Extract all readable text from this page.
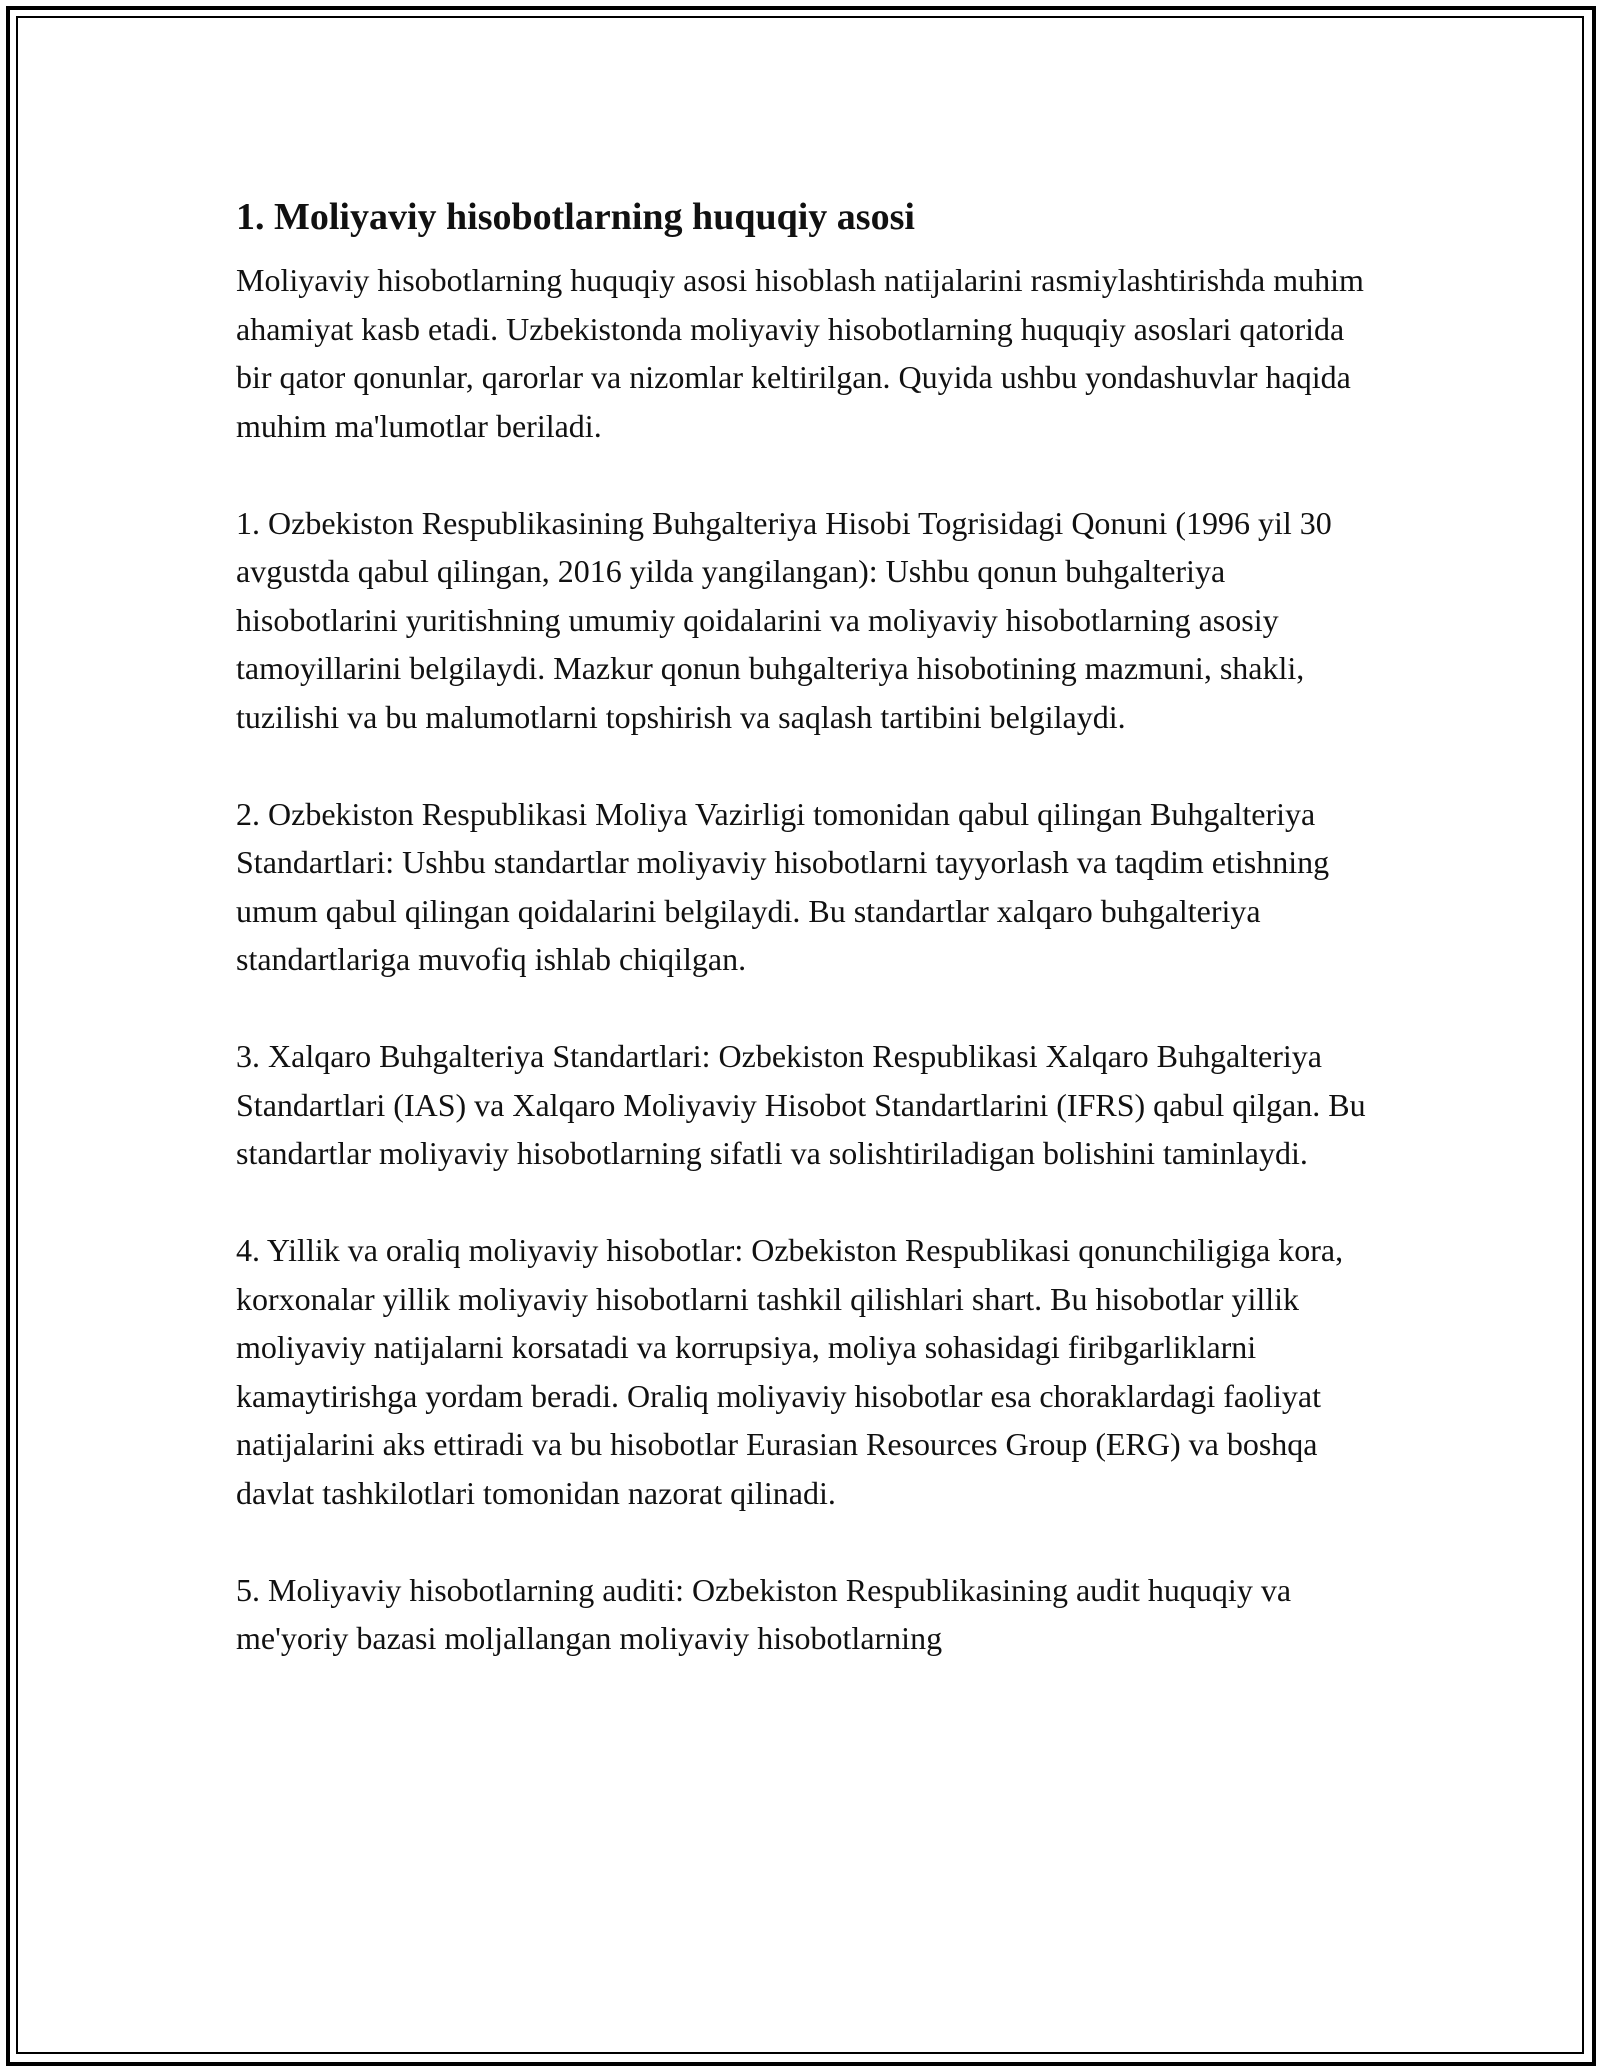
1. Moliyaviy hisobotlarning huquqiy asosi

Moliyaviy hisobotlarning huquqiy asosi hisoblash natijalarini rasmiylashtirishda muhim ahamiyat kasb etadi. Uzbekistonda moliyaviy hisobotlarning huquqiy asoslari qatorida bir qator qonunlar, qarorlar va nizomlar keltirilgan. Quyida ushbu yondashuvlar haqida muhim ma'lumotlar beriladi.

1. Ozbekiston Respublikasining Buhgalteriya Hisobi Togrisidagi Qonuni (1996 yil 30 avgustda qabul qilingan, 2016 yilda yangilangan): Ushbu qonun buhgalteriya hisobotlarini yuritishning umumiy qoidalarini va moliyaviy hisobotlarning asosiy tamoyillarini belgilaydi. Mazkur qonun buhgalteriya hisobotining mazmuni, shakli, tuzilishi va bu malumotlarni topshirish va saqlash tartibini belgilaydi.

2. Ozbekiston Respublikasi Moliya Vazirligi tomonidan qabul qilingan Buhgalteriya Standartlari: Ushbu standartlar moliyaviy hisobotlarni tayyorlash va taqdim etishning umum qabul qilingan qoidalarini belgilaydi. Bu standartlar xalqaro buhgalteriya standartlariga muvofiq ishlab chiqilgan.

3. Xalqaro Buhgalteriya Standartlari: Ozbekiston Respublikasi Xalqaro Buhgalteriya Standartlari (IAS) va Xalqaro Moliyaviy Hisobot Standartlarini (IFRS) qabul qilgan. Bu standartlar moliyaviy hisobotlarning sifatli va solishtiriladigan bolishini taminlaydi.

4. Yillik va oraliq moliyaviy hisobotlar: Ozbekiston Respublikasi qonunchiligiga kora, korxonalar yillik moliyaviy hisobotlarni tashkil qilishlari shart. Bu hisobotlar yillik moliyaviy natijalarni korsatadi va korrupsiya, moliya sohasidagi firibgarliklarni kamaytirishga yordam beradi. Oraliq moliyaviy hisobotlar esa choraklardagi faoliyat natijalarini aks ettiradi va bu hisobotlar Eurasian Resources Group (ERG) va boshqa davlat tashkilotlari tomonidan nazorat qilinadi.

5. Moliyaviy hisobotlarning auditi: Ozbekiston Respublikasining audit huquqiy va me'yoriy bazasi moljallangan moliyaviy hisobotlarning
